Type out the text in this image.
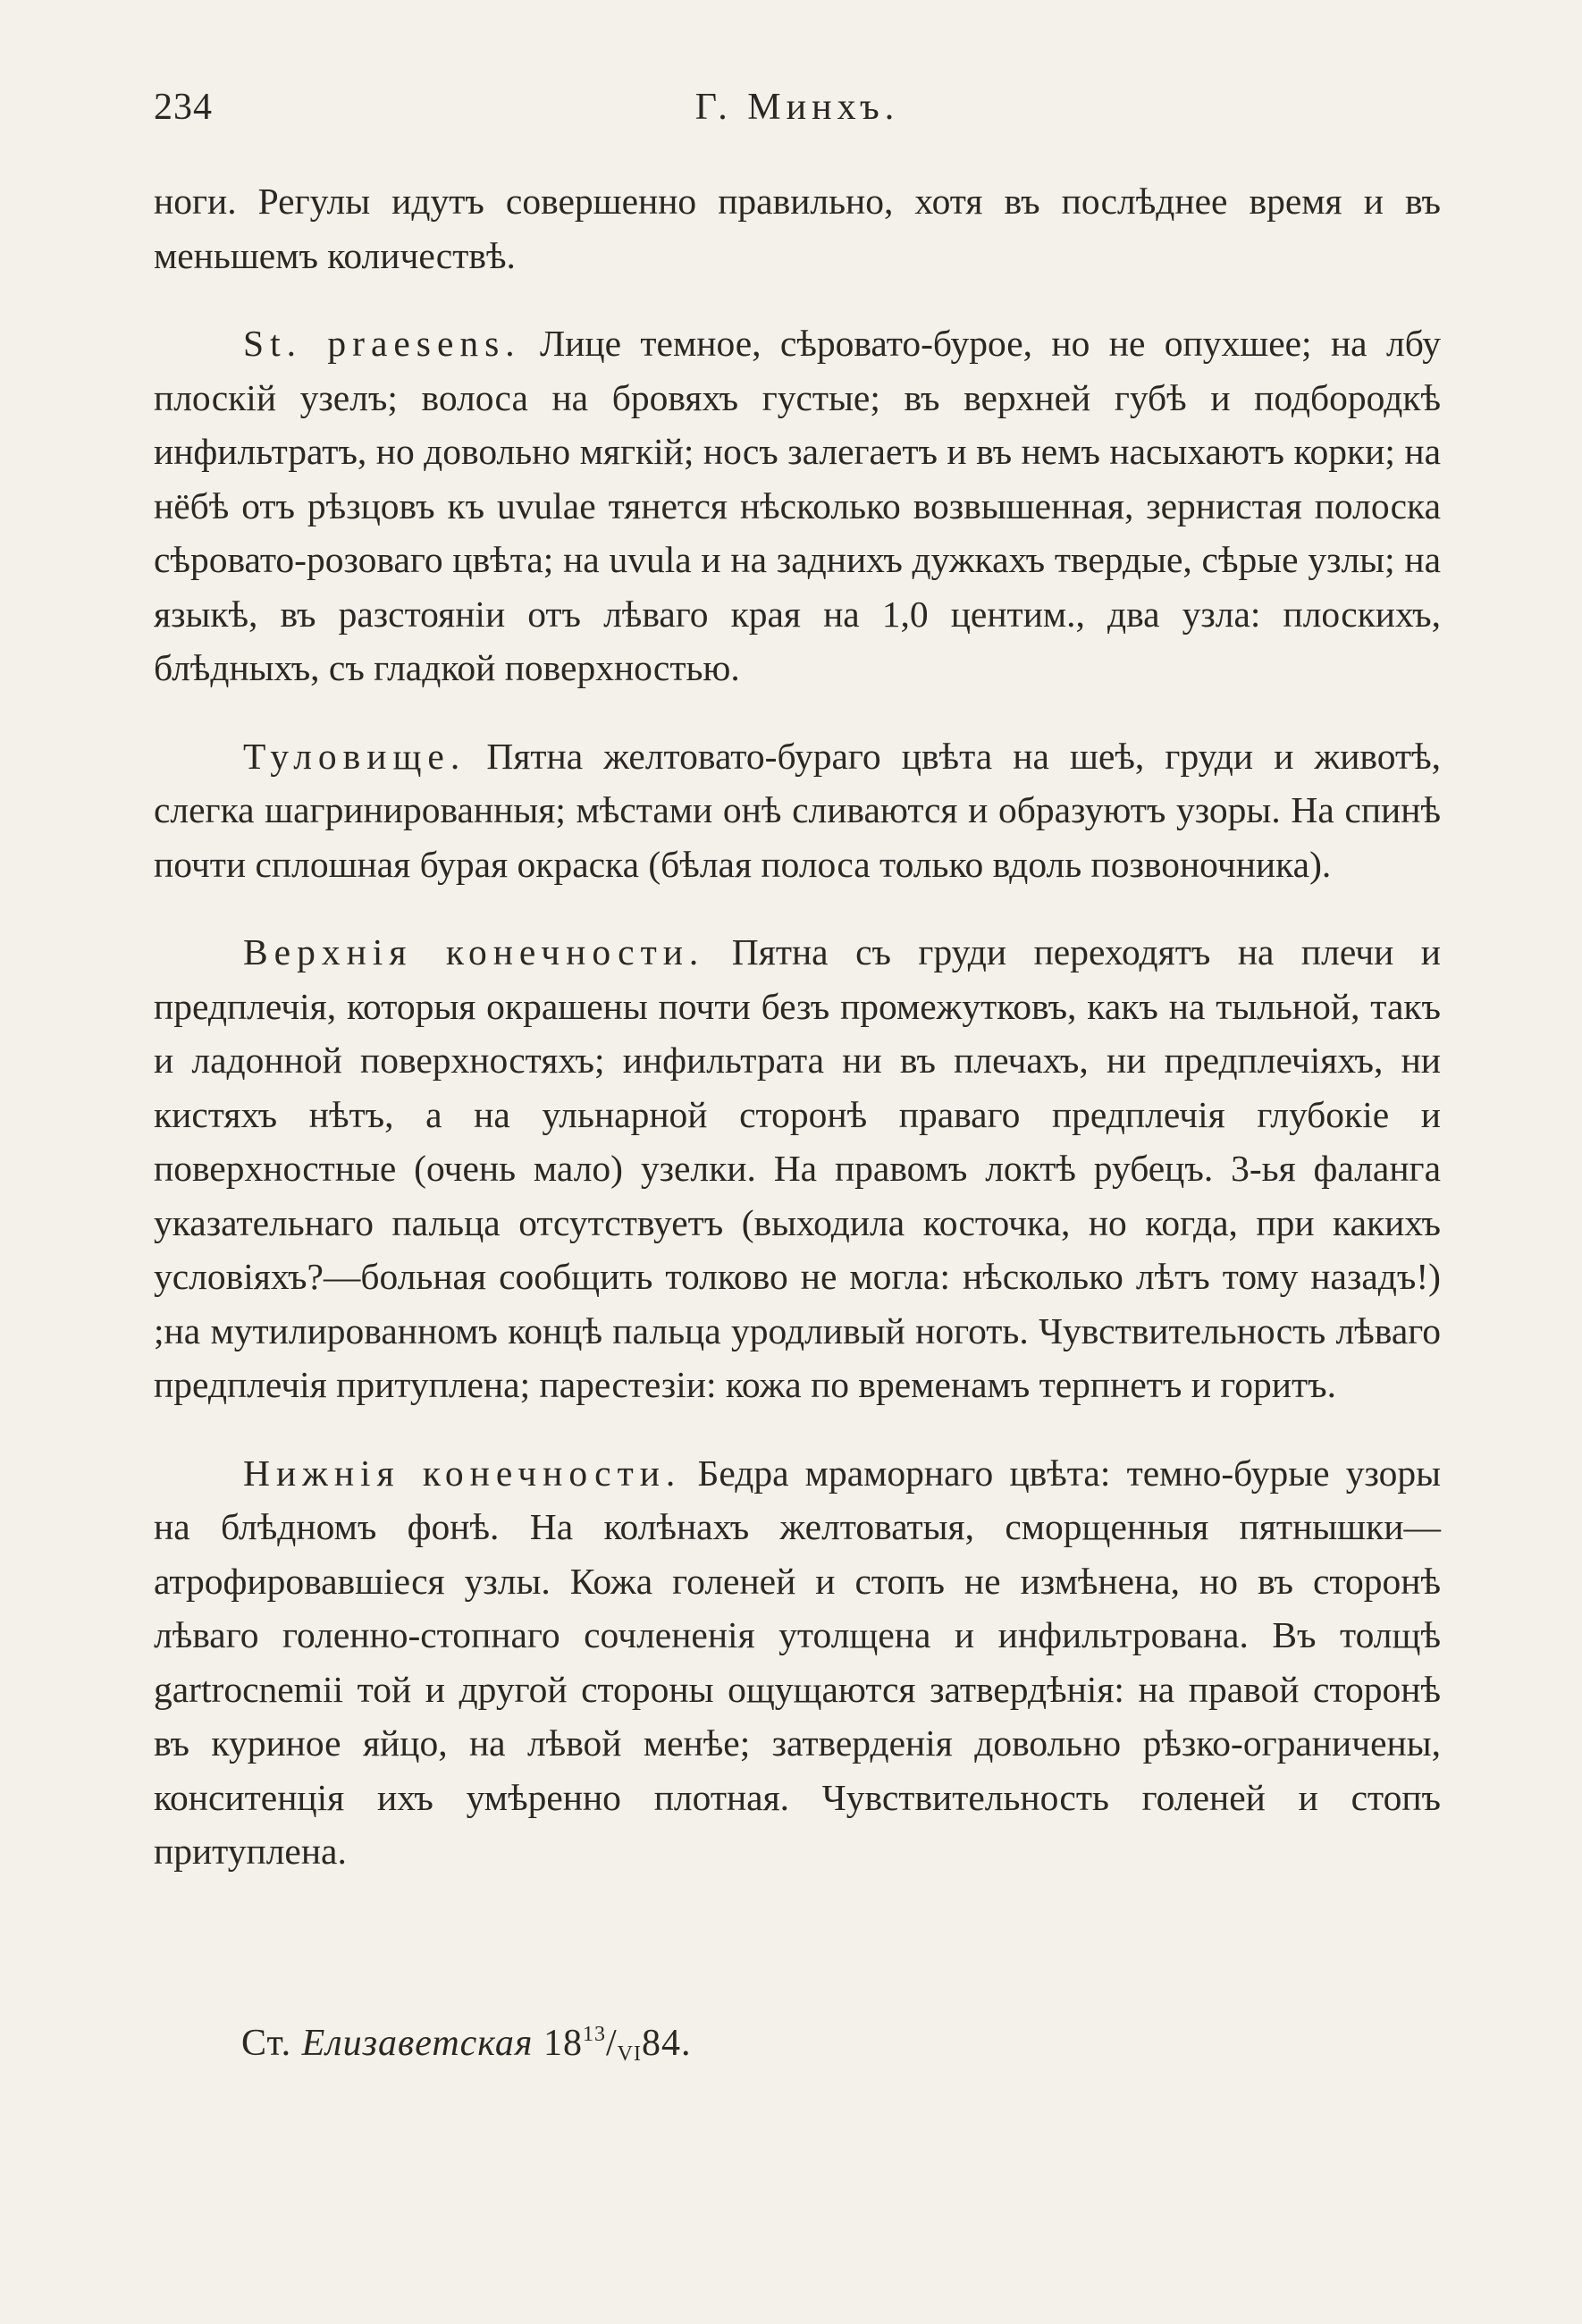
234	Г. Минхъ.

ноги. Регулы идутъ совершенно правильно, хотя въ послѣднее время и въ меньшемъ количествѣ.

St. praesens. Лице темное, сѣровато-бурое, но не опухшее; на лбу плоскій узелъ; волоса на бровяхъ густые; въ верхней губѣ и подбородкѣ инфильтратъ, но довольно мягкій; носъ залегаетъ и въ немъ насыхаютъ корки; на нёбѣ отъ рѣзцовъ къ uvulae тянется нѣсколько возвышенная, зернистая полоска сѣровато-розоваго цвѣта; на uvula и на заднихъ дужкахъ твердые, сѣрые узлы; на языкѣ, въ разстояніи отъ лѣваго края на 1,0 центим., два узла: плоскихъ, блѣдныхъ, съ гладкой поверхностью.

Туловище. Пятна желтовато-бураго цвѣта на шеѣ, груди и животѣ, слегка шагринированныя; мѣстами онѣ сливаются и образуютъ узоры. На спинѣ почти сплошная бурая окраска (бѣлая полоса только вдоль позвоночника).

Верхнія конечности. Пятна съ груди переходятъ на плечи и предплечія, которыя окрашены почти безъ промежутковъ, какъ на тыльной, такъ и ладонной поверхностяхъ; инфильтрата ни въ плечахъ, ни предплечіяхъ, ни кистяхъ нѣтъ, а на ульнарной сторонѣ праваго предплечія глубокіе и поверхностные (очень мало) узелки. На правомъ локтѣ рубецъ. 3-ья фаланга указательнаго пальца отсутствуетъ (выходила косточка, но когда, при какихъ условіяхъ?—больная сообщить толково не могла: нѣсколько лѣтъ тому назадъ!) ;на мутилированномъ концѣ пальца уродливый ноготь. Чувствительность лѣваго предплечія притуплена; парестезіи: кожа по временамъ терпнетъ и горитъ.

Нижнія конечности. Бедра мраморнаго цвѣта: темно-бурые узоры на блѣдномъ фонѣ. На колѣнахъ желтоватыя, сморщенныя пятнышки—атрофировавшіеся узлы. Кожа голеней и стопъ не измѣнена, но въ сторонѣ лѣваго голенно-стопнаго сочлененія утолщена и инфильтрована. Въ толщѣ gartrocnemii той и другой стороны ощущаются затвердѣнія: на правой сторонѣ въ куриное яйцо, на лѣвой менѣе; затверденія довольно рѣзко-ограничены, конситенція ихъ умѣренно плотная. Чувствительность голеней и стопъ притуплена.

Ст. Елизаветская $18^{13}/_{VI}84$.
